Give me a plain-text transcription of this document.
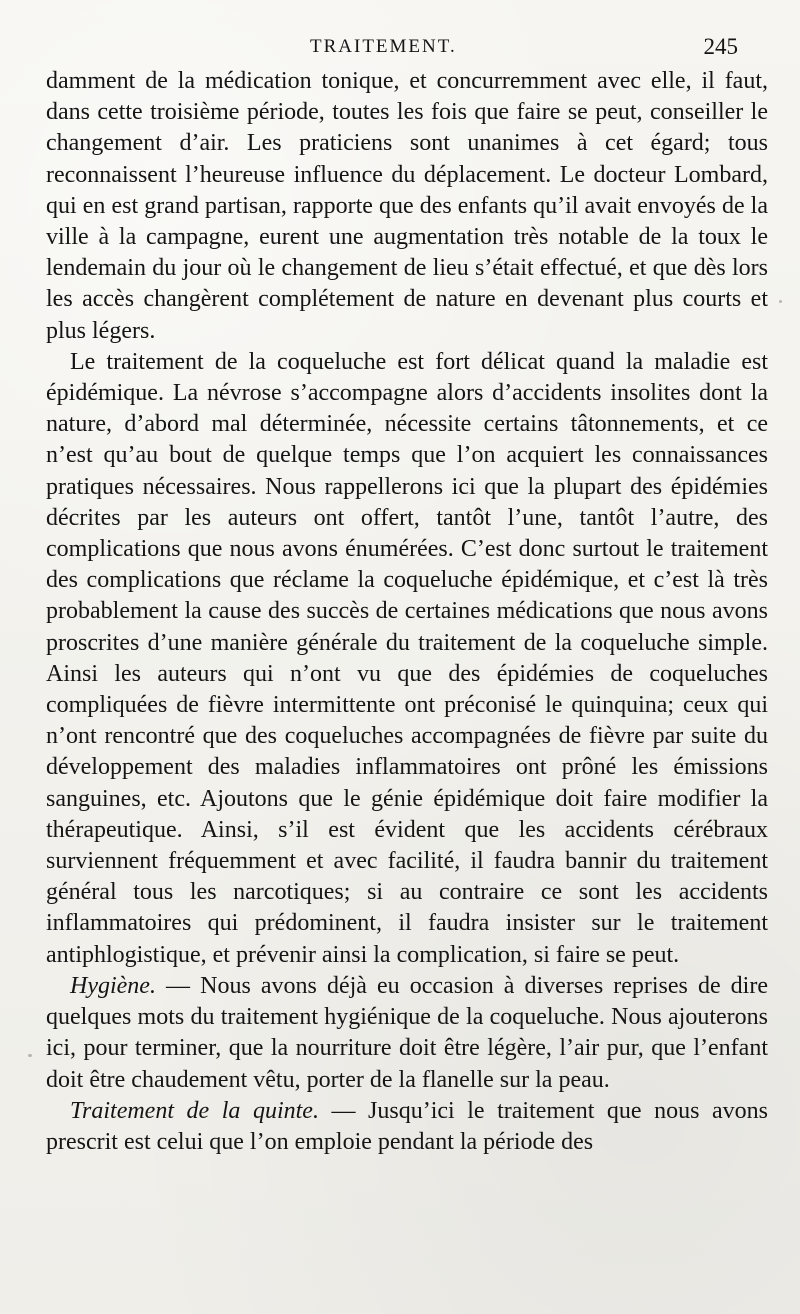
TRAITEMENT.	245

damment de la médication tonique, et concurremment avec elle, il faut, dans cette troisième période, toutes les fois que faire se peut, conseiller le changement d’air. Les praticiens sont unanimes à cet égard; tous reconnaissent l’heureuse influence du déplacement. Le docteur Lombard, qui en est grand partisan, rapporte que des enfants qu’il avait envoyés de la ville à la campagne, eurent une augmentation très notable de la toux le lendemain du jour où le changement de lieu s’était effectué, et que dès lors les accès changèrent complétement de nature en devenant plus courts et plus légers.

Le traitement de la coqueluche est fort délicat quand la maladie est épidémique. La névrose s’accompagne alors d’accidents insolites dont la nature, d’abord mal déterminée, nécessite certains tâtonnements, et ce n’est qu’au bout de quelque temps que l’on acquiert les connaissances pratiques nécessaires. Nous rappellerons ici que la plupart des épidémies décrites par les auteurs ont offert, tantôt l’une, tantôt l’autre, des complications que nous avons énumérées. C’est donc surtout le traitement des complications que réclame la coqueluche épidémique, et c’est là très probablement la cause des succès de certaines médications que nous avons proscrites d’une manière générale du traitement de la coqueluche simple. Ainsi les auteurs qui n’ont vu que des épidémies de coqueluches compliquées de fièvre intermittente ont préconisé le quinquina; ceux qui n’ont rencontré que des coqueluches accompagnées de fièvre par suite du développement des maladies inflammatoires ont prôné les émissions sanguines, etc. Ajoutons que le génie épidémique doit faire modifier la thérapeutique. Ainsi, s’il est évident que les accidents cérébraux surviennent fréquemment et avec facilité, il faudra bannir du traitement général tous les narcotiques; si au contraire ce sont les accidents inflammatoires qui prédominent, il faudra insister sur le traitement antiphlogistique, et prévenir ainsi la complication, si faire se peut.

Hygiène. — Nous avons déjà eu occasion à diverses reprises de dire quelques mots du traitement hygiénique de la coqueluche. Nous ajouterons ici, pour terminer, que la nourriture doit être légère, l’air pur, que l’enfant doit être chaudement vêtu, porter de la flanelle sur la peau.

Traitement de la quinte. — Jusqu’ici le traitement que nous avons prescrit est celui que l’on emploie pendant la période des
